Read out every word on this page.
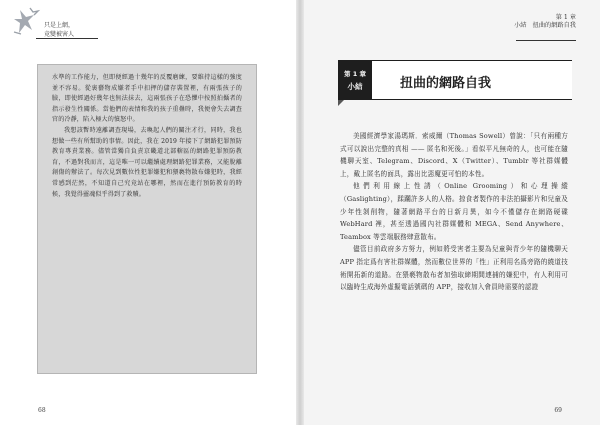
只是上網，
竟變被害人

水準的工作能力，但即便經過十幾年的反覆磨練，要維持這樣的強度並不容易。從裏藝物成嫌者手中扣押的儲存裝置裡，有兩張孩子的臉，即使經過好幾年也無法抹去，這兩張孩子在恐懼中按照拍攝者的指示發生性關係。當他們的表情和我的孩子重疊時，我便會失去調查官的冷靜，陷入極大的憤怒中。

我想該暫時遠離調查現場，去喚起人們的關注才行，同時，我也想做一些有所幫助的事情。因此，我在 2019 年接下了網路犯罪預防教育專責業務。儘管當獨自負責京畿道北部轄區的網路犯罪預防教育，不過對我而言，這是唯一可以繼續處理網路犯罪業務，又能脫離創傷的辦法了。每次見到數位性犯罪嫌犯和猥褻物散布嫌犯時，我經常感到茫然，不知道自己究竟站在哪裡，然而在進行預防教育的時候，我覺得靈魂似乎得到了救贖。

68
第 1 章
小結　扭曲的網路自我
第 1 章
小結	扭曲的網路自我

美國經濟學家湯瑪斯．索威爾（Thomas Sowell）曾說：「只有兩種方式可以說出完整的真相 —— 匿名和死後。」看似平凡無奇的人，也可能在隨機聊天室、Telegram、Discord、X（Twitter）、Tumblr 等社群媒體上，戴上匿名的面具，露出比惡魔更可怕的本性。

他們利用線上性誘（Online Grooming）和心理操縱（Gaslighting），蹂躪許多人的人格。掠食者製作的非法拍攝影片和兒童及少年性剝削物，隨著網路平台的日新月異，如今不僅儲存在網路硬碟 WebHard 裡，甚至透過國內社群媒體和 MEGA、Send Anywhere、Teambox 等雲端服務肆意散布。

儘管目前政府多方努力，例如將受害者主要為兒童與青少年的隨機聊天 APP 指定爲有害社群媒體，然而數位世界的「性」正利用名爲旁路的繞道技術開拓新的道路。在猥褻物散布者加強取締期間連捕的嫌犯中，有人利用可以臨時生成海外虛擬電話號碼的 APP，接收加入會員時需要的認證

69
